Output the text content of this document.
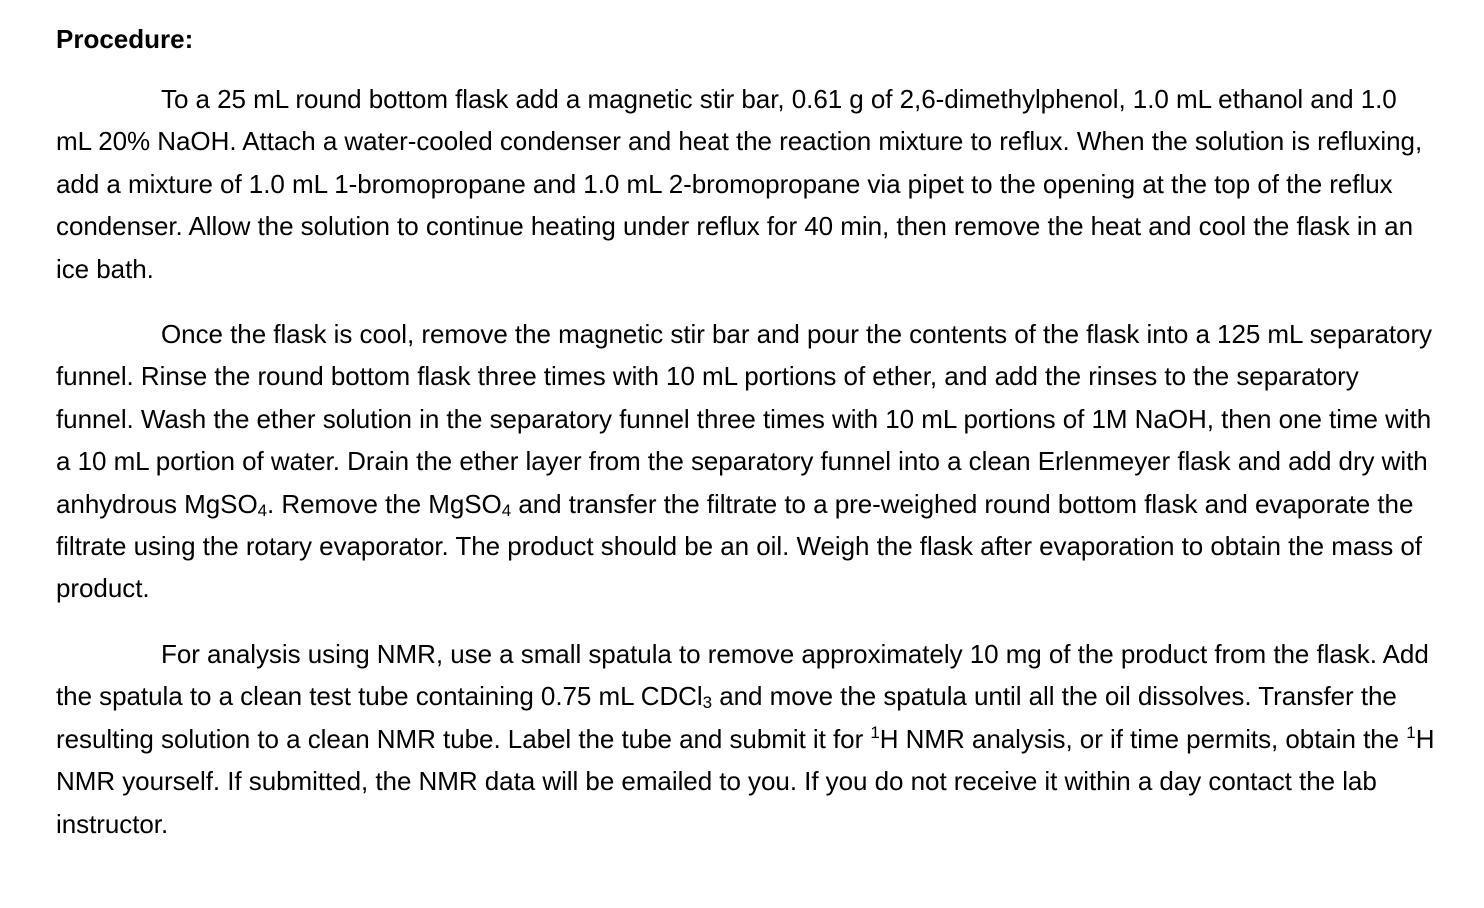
Procedure:

To a 25 mL round bottom flask add a magnetic stir bar, 0.61 g of 2,6-dimethylphenol, 1.0 mL ethanol and 1.0 mL 20% NaOH. Attach a water-cooled condenser and heat the reaction mixture to reflux. When the solution is refluxing, add a mixture of 1.0 mL 1-bromopropane and 1.0 mL 2-bromopropane via pipet to the opening at the top of the reflux condenser. Allow the solution to continue heating under reflux for 40 min, then remove the heat and cool the flask in an ice bath.

Once the flask is cool, remove the magnetic stir bar and pour the contents of the flask into a 125 mL separatory funnel. Rinse the round bottom flask three times with 10 mL portions of ether, and add the rinses to the separatory funnel. Wash the ether solution in the separatory funnel three times with 10 mL portions of 1M NaOH, then one time with a 10 mL portion of water. Drain the ether layer from the separatory funnel into a clean Erlenmeyer flask and add dry with anhydrous MgSO4. Remove the MgSO4 and transfer the filtrate to a pre-weighed round bottom flask and evaporate the filtrate using the rotary evaporator. The product should be an oil. Weigh the flask after evaporation to obtain the mass of product.

For analysis using NMR, use a small spatula to remove approximately 10 mg of the product from the flask. Add the spatula to a clean test tube containing 0.75 mL CDCl3 and move the spatula until all the oil dissolves. Transfer the resulting solution to a clean NMR tube. Label the tube and submit it for $^1$H NMR analysis, or if time permits, obtain the $^1$H NMR yourself. If submitted, the NMR data will be emailed to you. If you do not receive it within a day contact the lab instructor.
